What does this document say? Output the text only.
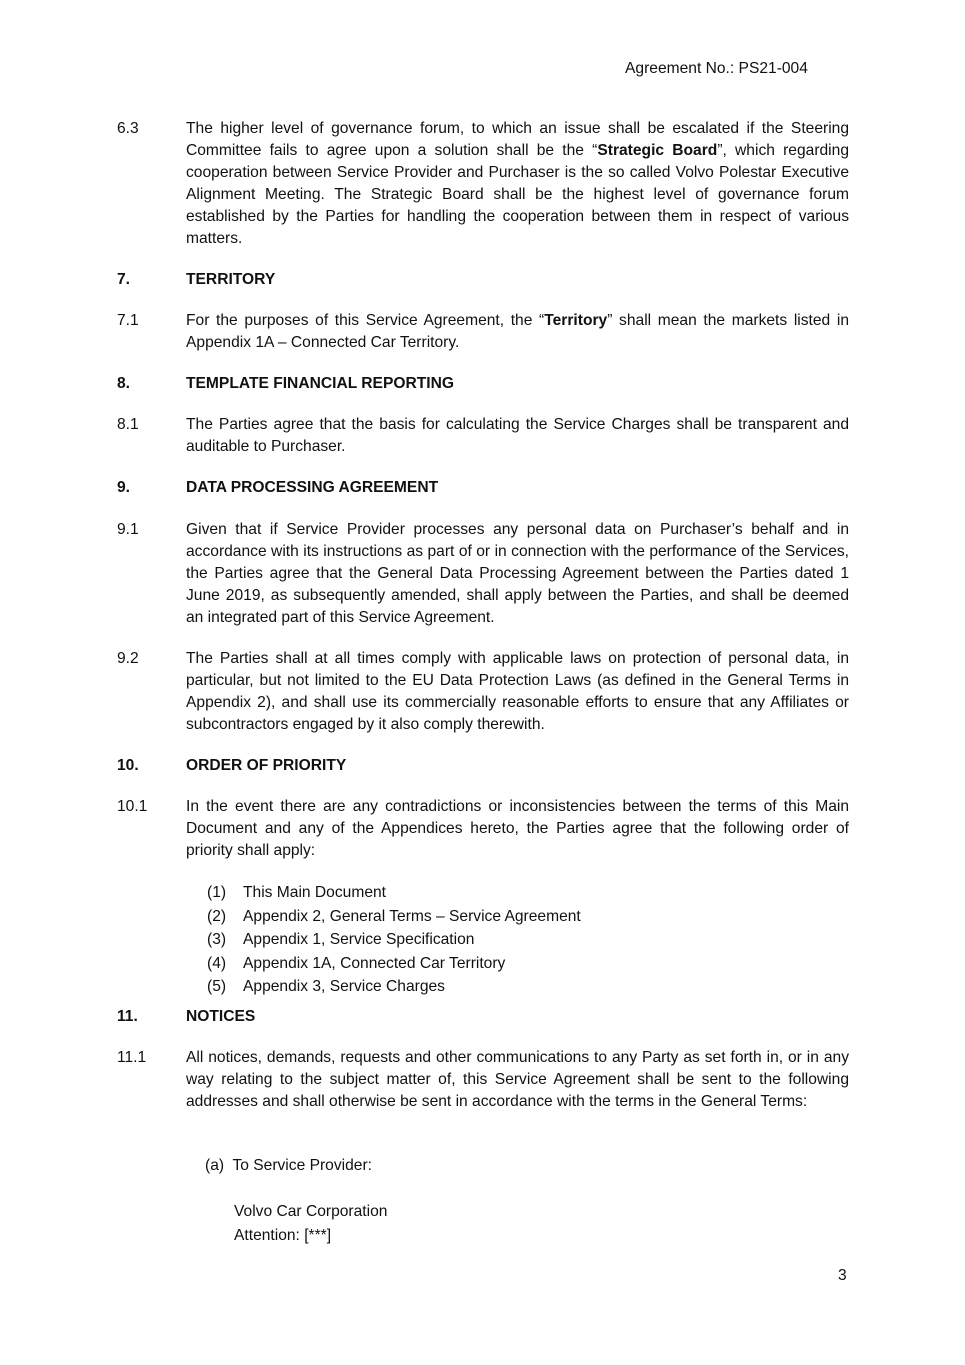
Agreement No.: PS21-004
6.3	The higher level of governance forum, to which an issue shall be escalated if the Steering Committee fails to agree upon a solution shall be the “Strategic Board”, which regarding cooperation between Service Provider and Purchaser is the so called Volvo Polestar Executive Alignment Meeting. The Strategic Board shall be the highest level of governance forum established by the Parties for handling the cooperation between them in respect of various matters.
7.	TERRITORY
7.1	For the purposes of this Service Agreement, the “Territory” shall mean the markets listed in Appendix 1A – Connected Car Territory.
8.	TEMPLATE FINANCIAL REPORTING
8.1	The Parties agree that the basis for calculating the Service Charges shall be transparent and auditable to Purchaser.
9.	DATA PROCESSING AGREEMENT
9.1	Given that if Service Provider processes any personal data on Purchaser’s behalf and in accordance with its instructions as part of or in connection with the performance of the Services, the Parties agree that the General Data Processing Agreement between the Parties dated 1 June 2019, as subsequently amended, shall apply between the Parties, and shall be deemed an integrated part of this Service Agreement.
9.2	The Parties shall at all times comply with applicable laws on protection of personal data, in particular, but not limited to the EU Data Protection Laws (as defined in the General Terms in Appendix 2), and shall use its commercially reasonable efforts to ensure that any Affiliates or subcontractors engaged by it also comply therewith.
10.	ORDER OF PRIORITY
10.1	In the event there are any contradictions or inconsistencies between the terms of this Main Document and any of the Appendices hereto, the Parties agree that the following order of priority shall apply:
(1)	This Main Document
(2)	Appendix 2, General Terms – Service Agreement
(3)	Appendix 1, Service Specification
(4)	Appendix 1A, Connected Car Territory
(5)	Appendix 3, Service Charges
11.	NOTICES
11.1	All notices, demands, requests and other communications to any Party as set forth in, or in any way relating to the subject matter of, this Service Agreement shall be sent to the following addresses and shall otherwise be sent in accordance with the terms in the General Terms:
(a)  To Service Provider:
Volvo Car Corporation
Attention: [***]
3
